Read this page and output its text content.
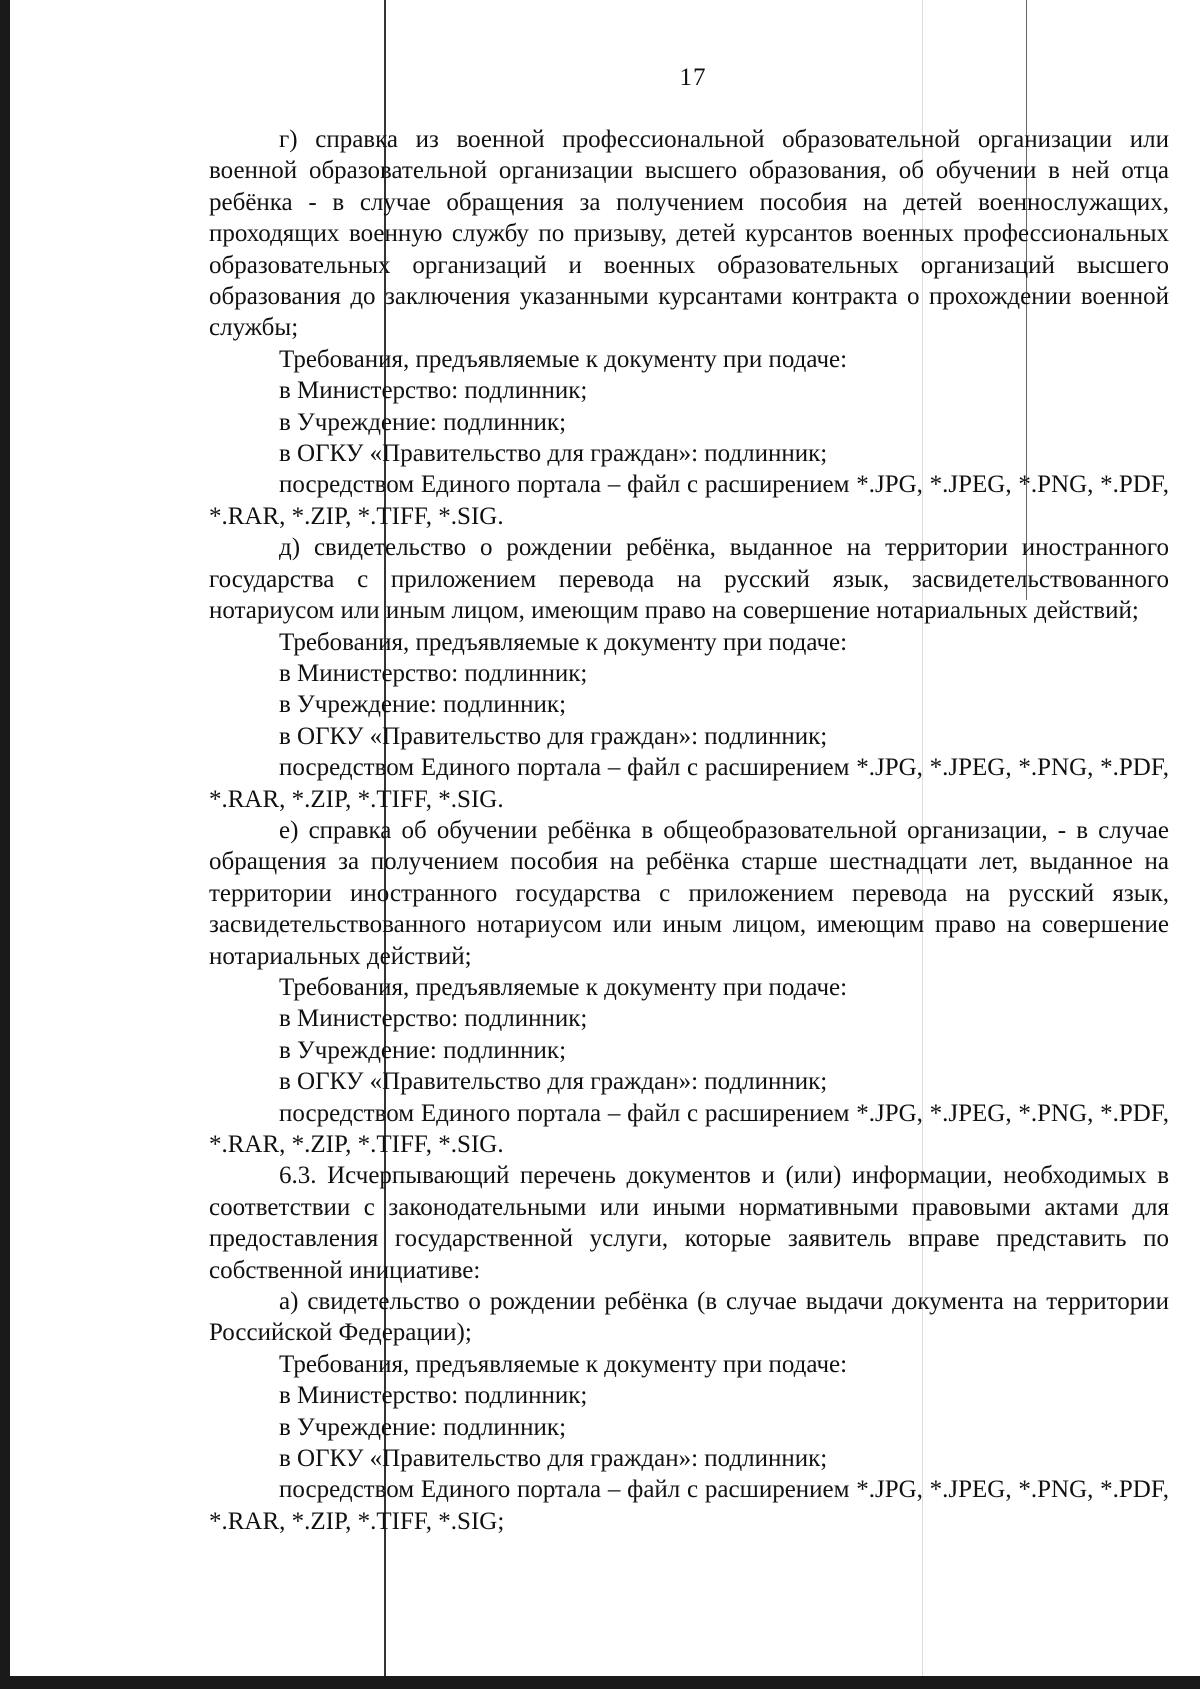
17

г) справка из военной профессиональной образовательной организации или военной образовательной организации высшего образования, об обучении в ней отца ребёнка - в случае обращения за получением пособия на детей военнослужащих, проходящих военную службу по призыву, детей курсантов военных профессиональных образовательных организаций и военных образовательных организаций высшего образования до заключения указанными курсантами контракта о прохождении военной службы;

Требования, предъявляемые к документу при подаче:

в Министерство: подлинник;

в Учреждение: подлинник;

в ОГКУ «Правительство для граждан»: подлинник;

посредством Единого портала – файл с расширением *.JPG, *.JPEG, *.PNG, *.PDF, *.RAR, *.ZIP, *.TIFF, *.SIG.

д) свидетельство о рождении ребёнка, выданное на территории иностранного государства с приложением перевода на русский язык, засвидетельствованного нотариусом или иным лицом, имеющим право на совершение нотариальных действий;

Требования, предъявляемые к документу при подаче:

в Министерство: подлинник;

в Учреждение: подлинник;

в ОГКУ «Правительство для граждан»: подлинник;

посредством Единого портала – файл с расширением *.JPG, *.JPEG, *.PNG, *.PDF, *.RAR, *.ZIP, *.TIFF, *.SIG.

е) справка об обучении ребёнка в общеобразовательной организации, - в случае обращения за получением пособия на ребёнка старше шестнадцати лет, выданное на территории иностранного государства с приложением перевода на русский язык, засвидетельствованного нотариусом или иным лицом, имеющим право на совершение нотариальных действий;

Требования, предъявляемые к документу при подаче:

в Министерство: подлинник;

в Учреждение: подлинник;

в ОГКУ «Правительство для граждан»: подлинник;

посредством Единого портала – файл с расширением *.JPG, *.JPEG, *.PNG, *.PDF, *.RAR, *.ZIP, *.TIFF, *.SIG.

6.3. Исчерпывающий перечень документов и (или) информации, необходимых в соответствии с законодательными или иными нормативными правовыми актами для предоставления государственной услуги, которые заявитель вправе представить по собственной инициативе:

а) свидетельство о рождении ребёнка (в случае выдачи документа на территории Российской Федерации);

Требования, предъявляемые к документу при подаче:

в Министерство: подлинник;

в Учреждение: подлинник;

в ОГКУ «Правительство для граждан»: подлинник;

посредством Единого портала – файл с расширением *.JPG, *.JPEG, *.PNG, *.PDF, *.RAR, *.ZIP, *.TIFF, *.SIG;
